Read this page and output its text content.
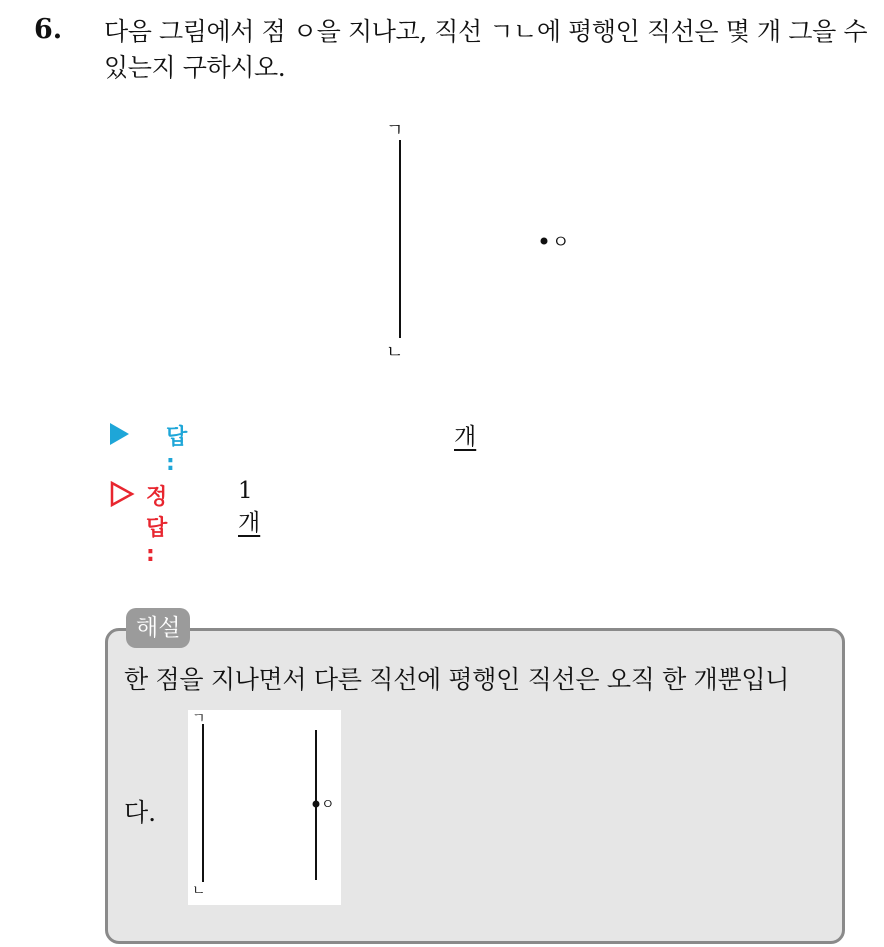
6. 다음 그림에서 점 ㅇ을 지나고, 직선 ㄱㄴ에 평행인 직선은 몇 개 그을 수 있는지 구하시오.
ㄱ
ㄴ
ㅇ
답 :
개
정답 :
1개
해설
한 점을 지나면서 다른 직선에 평행인 직선은 오직 한 개뿐입니
다.
ㄱ
ㄴ
ㅇ
